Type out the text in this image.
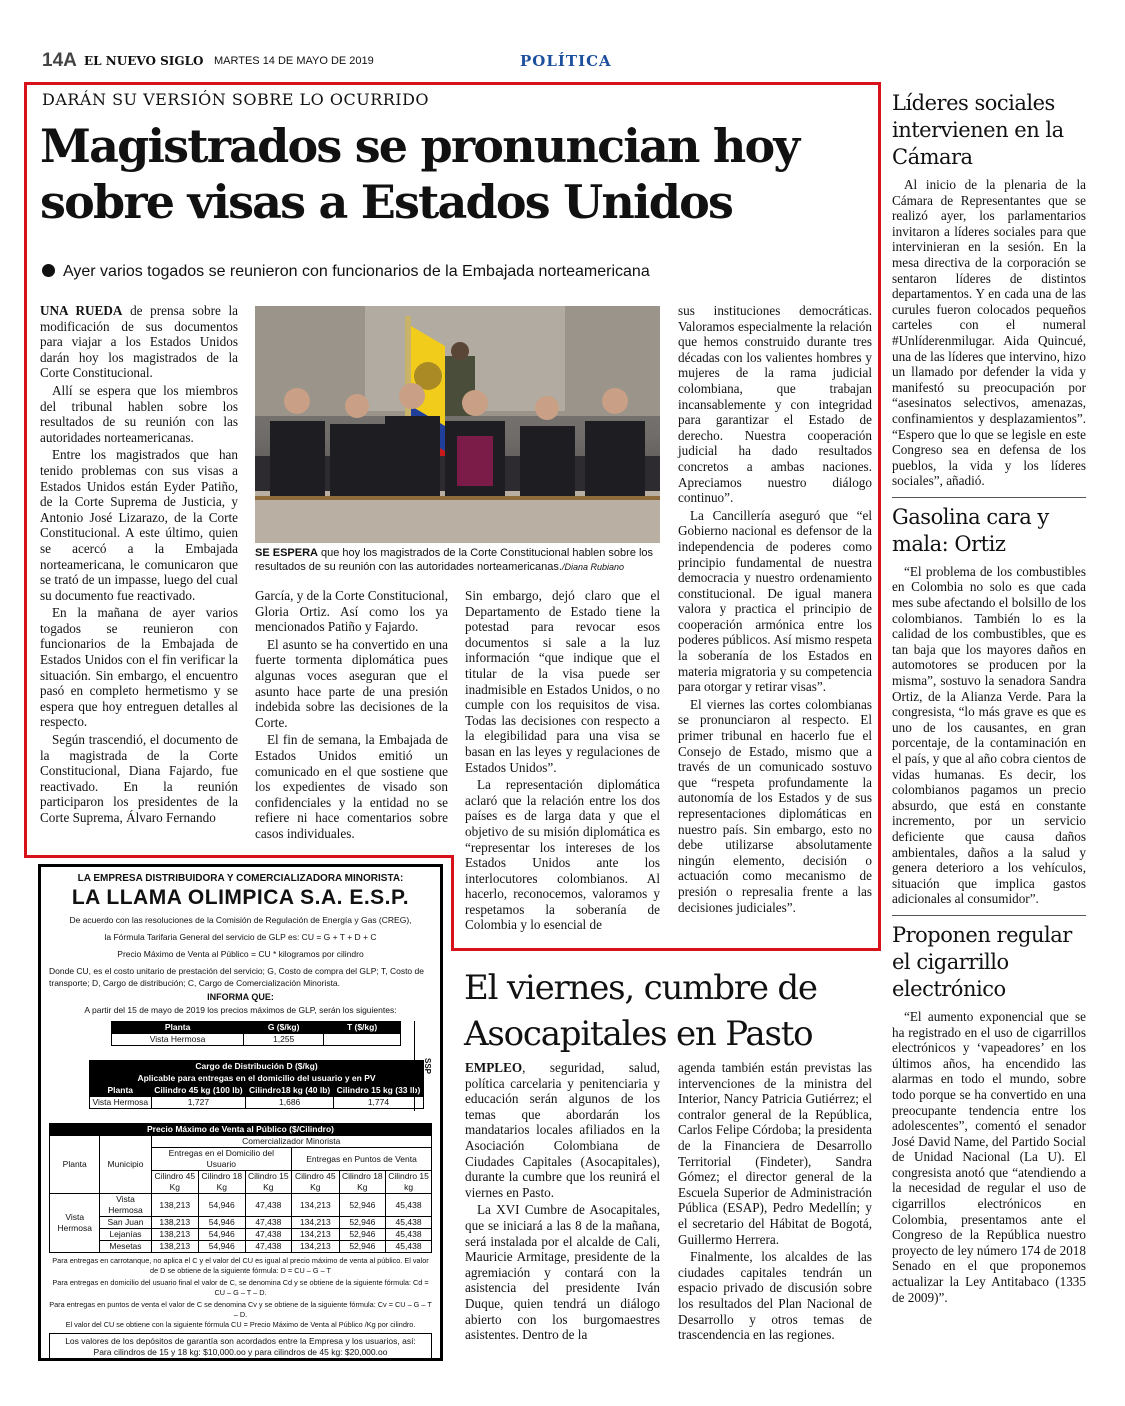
14A EL NUEVO SIGLO MARTES 14 DE MAYO DE 2019	POLÍTICA
DARÁN SU VERSIÓN SOBRE LO OCURRIDO
Magistrados se pronuncian hoy
sobre visas a Estados Unidos
Ayer varios togados se reunieron con funcionarios de la Embajada norteamericana
SE ESPERA que hoy los magistrados de la Corte Constitucional hablen sobre los resultados de su reunión con las autoridades norteamericanas./Diana Rubiano

UNA RUEDA de prensa sobre la modificación de sus documentos para viajar a los Estados Unidos darán hoy los magistrados de la Corte Constitucional.

Allí se espera que los miembros del tribunal hablen sobre los resultados de su reunión con las autoridades norteamericanas.

Entre los magistrados que han tenido problemas con sus visas a Estados Unidos están Eyder Patiño, de la Corte Suprema de Justicia, y Antonio José Lizarazo, de la Corte Constitucional. A este último, quien se acercó a la Embajada norteamericana, le comunicaron que se trató de un impasse, luego del cual su documento fue reactivado.

En la mañana de ayer varios togados se reunieron con funcionarios de la Embajada de Estados Unidos con el fin verificar la situación. Sin embargo, el encuentro pasó en completo hermetismo y se espera que hoy entreguen detalles al respecto.

Según trascendió, el documento de la magistrada de la Corte Constitucional, Diana Fajardo, fue reactivado. En la reunión participaron los presidentes de la Corte Suprema, Álvaro Fernando

García, y de la Corte Constitucional, Gloria Ortiz. Así como los ya mencionados Patiño y Fajardo.

El asunto se ha convertido en una fuerte tormenta diplomática pues algunas voces aseguran que el asunto hace parte de una presión indebida sobre las decisiones de la Corte.

El fin de semana, la Embajada de Estados Unidos emitió un comunicado en el que sostiene que los expedientes de visado son confidenciales y la entidad no se refiere ni hace comentarios sobre casos individuales.

Sin embargo, dejó claro que el Departamento de Estado tiene la potestad para revocar esos documentos si sale a la luz información “que indique que el titular de la visa puede ser inadmisible en Estados Unidos, o no cumple con los requisitos de visa. Todas las decisiones con respecto a la elegibilidad para una visa se basan en las leyes y regulaciones de Estados Unidos”.

La representación diplomática aclaró que la relación entre los dos países es de larga data y que el objetivo de su misión diplomática es “representar los intereses de los Estados Unidos ante los interlocutores colombianos. Al hacerlo, reconocemos, valoramos y respetamos la soberanía de Colombia y lo esencial de

sus instituciones democráticas. Valoramos especialmente la relación que hemos construido durante tres décadas con los valientes hombres y mujeres de la rama judicial colombiana, que trabajan incansablemente y con integridad para garantizar el Estado de derecho. Nuestra cooperación judicial ha dado resultados concretos a ambas naciones. Apreciamos nuestro diálogo continuo”.

La Cancillería aseguró que “el Gobierno nacional es defensor de la independencia de poderes como principio fundamental de nuestra democracia y nuestro ordenamiento constitucional. De igual manera valora y practica el principio de cooperación armónica entre los poderes públicos. Así mismo respeta la soberanía de los Estados en materia migratoria y su competencia para otorgar y retirar visas”.

El viernes las cortes colombianas se pronunciaron al respecto. El primer tribunal en hacerlo fue el Consejo de Estado, mismo que a través de un comunicado sostuvo que “respeta profundamente la autonomía de los Estados y de sus representaciones diplomáticas en nuestro país. Sin embargo, esto no debe utilizarse absolutamente ningún elemento, decisión o actuación como mecanismo de presión o represalia frente a las decisiones judiciales”.

Líderes sociales intervienen en la Cámara

Al inicio de la plenaria de la Cámara de Representantes que se realizó ayer, los parlamentarios invitaron a líderes sociales para que intervinieran en la sesión. En la mesa directiva de la corporación se sentaron líderes de distintos departamentos. Y en cada una de las curules fueron colocados pequeños carteles con el numeral #Unlíderenmilugar. Aida Quincué, una de las líderes que intervino, hizo un llamado por defender la vida y manifestó su preocupación por “asesinatos selectivos, amenazas, confinamientos y desplazamientos”. “Espero que lo que se legisle en este Congreso sea en defensa de los pueblos, la vida y los líderes sociales”, añadió.

Gasolina cara y mala: Ortiz

“El problema de los combustibles en Colombia no solo es que cada mes sube afectando el bolsillo de los colombianos. También lo es la calidad de los combustibles, que es tan baja que los mayores daños en automotores se producen por la misma”, sostuvo la senadora Sandra Ortiz, de la Alianza Verde. Para la congresista, “lo más grave es que es uno de los causantes, en gran porcentaje, de la contaminación en el país, y que al año cobra cientos de vidas humanas. Es decir, los colombianos pagamos un precio absurdo, que está en constante incremento, por un servicio deficiente que causa daños ambientales, daños a la salud y genera deterioro a los vehículos, situación que implica gastos adicionales al consumidor”.

Proponen regular el cigarrillo electrónico

“El aumento exponencial que se ha registrado en el uso de cigarrillos electrónicos y ‘vapeadores’ en los últimos años, ha encendido las alarmas en todo el mundo, sobre todo porque se ha convertido en una preocupante tendencia entre los adolescentes”, comentó el senador José David Name, del Partido Social de Unidad Nacional (La U). El congresista anotó que “atendiendo a la necesidad de regular el uso de cigarrillos electrónicos en Colombia, presentamos ante el Congreso de la República nuestro proyecto de ley número 174 de 2018 Senado en el que proponemos actualizar la Ley Antitabaco (1335 de 2009)”.

El viernes, cumbre de
Asocapitales en Pasto

EMPLEO, seguridad, salud, política carcelaria y penitenciaria y educación serán algunos de los temas que abordarán los mandatarios locales afiliados en la Asociación Colombiana de Ciudades Capitales (Asocapitales), durante la cumbre que los reunirá el viernes en Pasto.

La XVI Cumbre de Asocapitales, que se iniciará a las 8 de la mañana, será instalada por el alcalde de Cali, Mauricie Armitage, presidente de la agremiación y contará con la asistencia del presidente Iván Duque, quien tendrá un diálogo abierto con los burgomaestres asistentes. Dentro de la

agenda también están previstas las intervenciones de la ministra del Interior, Nancy Patricia Gutiérrez; el contralor general de la República, Carlos Felipe Córdoba; la presidenta de la Financiera de Desarrollo Territorial (Findeter), Sandra Gómez; el director general de la Escuela Superior de Administración Pública (ESAP), Pedro Medellín; y el secretario del Hábitat de Bogotá, Guillermo Herrera.

Finalmente, los alcaldes de las ciudades capitales tendrán un espacio privado de discusión sobre los resultados del Plan Nacional de Desarrollo y otros temas de trascendencia en las regiones.

LA EMPRESA DISTRIBUIDORA Y COMERCIALIZADORA MINORISTA:
LA LLAMA OLIMPICA S.A. E.S.P.
De acuerdo con las resoluciones de la Comisión de Regulación de Energía y Gas (CREG),
la Fórmula Tarifaria General del servicio de GLP es: CU = G + T + D + C
Precio Máximo de Venta al Público = CU * kilogramos por cilindro
Donde CU, es el costo unitario de prestación del servicio; G, Costo de compra del GLP; T, Costo de transporte; D, Cargo de distribución; C, Cargo de Comercialización Minorista.
INFORMA QUE:
A partir del 15 de mayo de 2019 los precios máximos de GLP, serán los siguientes:
Planta	G ($/kg)	T ($/kg)
Vista Hermosa	1,255	
SSP
Cargo de Distribución D ($/kg)			
Aplicable para entregas en el domicilio del usuario y en PV			
Planta	Cilindro 45 kg (100 lb)	Cilindro18 kg (40 lb)	Cilindro 15 kg (33 lb)
Vista Hermosa	1,727	1,686	1,774
Precio Máximo de Venta al Público ($/Cilindro)							
Planta	Municipio	Comercializador Minorista					
		Entregas en el Domicilio del Usuario			Entregas en Puntos de Venta		
		Cilindro 45 Kg	Cilindro 18 Kg	Cilindro 15 Kg	Cilindro 45 Kg	Cilindro 18 Kg	Cilindro 15 kg
Vista Hermosa	Vista Hermosa	138,213	54,946	47,438	134,213	52,946	45,438
	San Juan	138,213	54,946	47,438	134,213	52,946	45,438
	Lejanías	138,213	54,946	47,438	134,213	52,946	45,438
	Mesetas	138,213	54,946	47,438	134,213	52,946	45,438
Para entregas en carrotanque, no aplica el C y el valor del CU es igual al precio máximo de venta al público. El valor de D se obtiene de la siguiente fórmula: D = CU – G – T
Para entregas en domicilio del usuario final el valor de C, se denomina Cd y se obtiene de la siguiente fórmula: Cd = CU – G – T – D.
Para entregas en puntos de venta el valor de C se denomina Cv y se obtiene de la siguiente fórmula: Cv = CU – G – T – D.
El valor del CU se obtiene con la siguiente fórmula CU = Precio Máximo de Venta al Público /Kg por cilindro.
Los valores de los depósitos de garantía son acordados entre la Empresa y los usuarios, así:
Para cilindros de 15 y 18 kg: $10,000.oo y para cilindros de 45 kg: $20,000.oo
